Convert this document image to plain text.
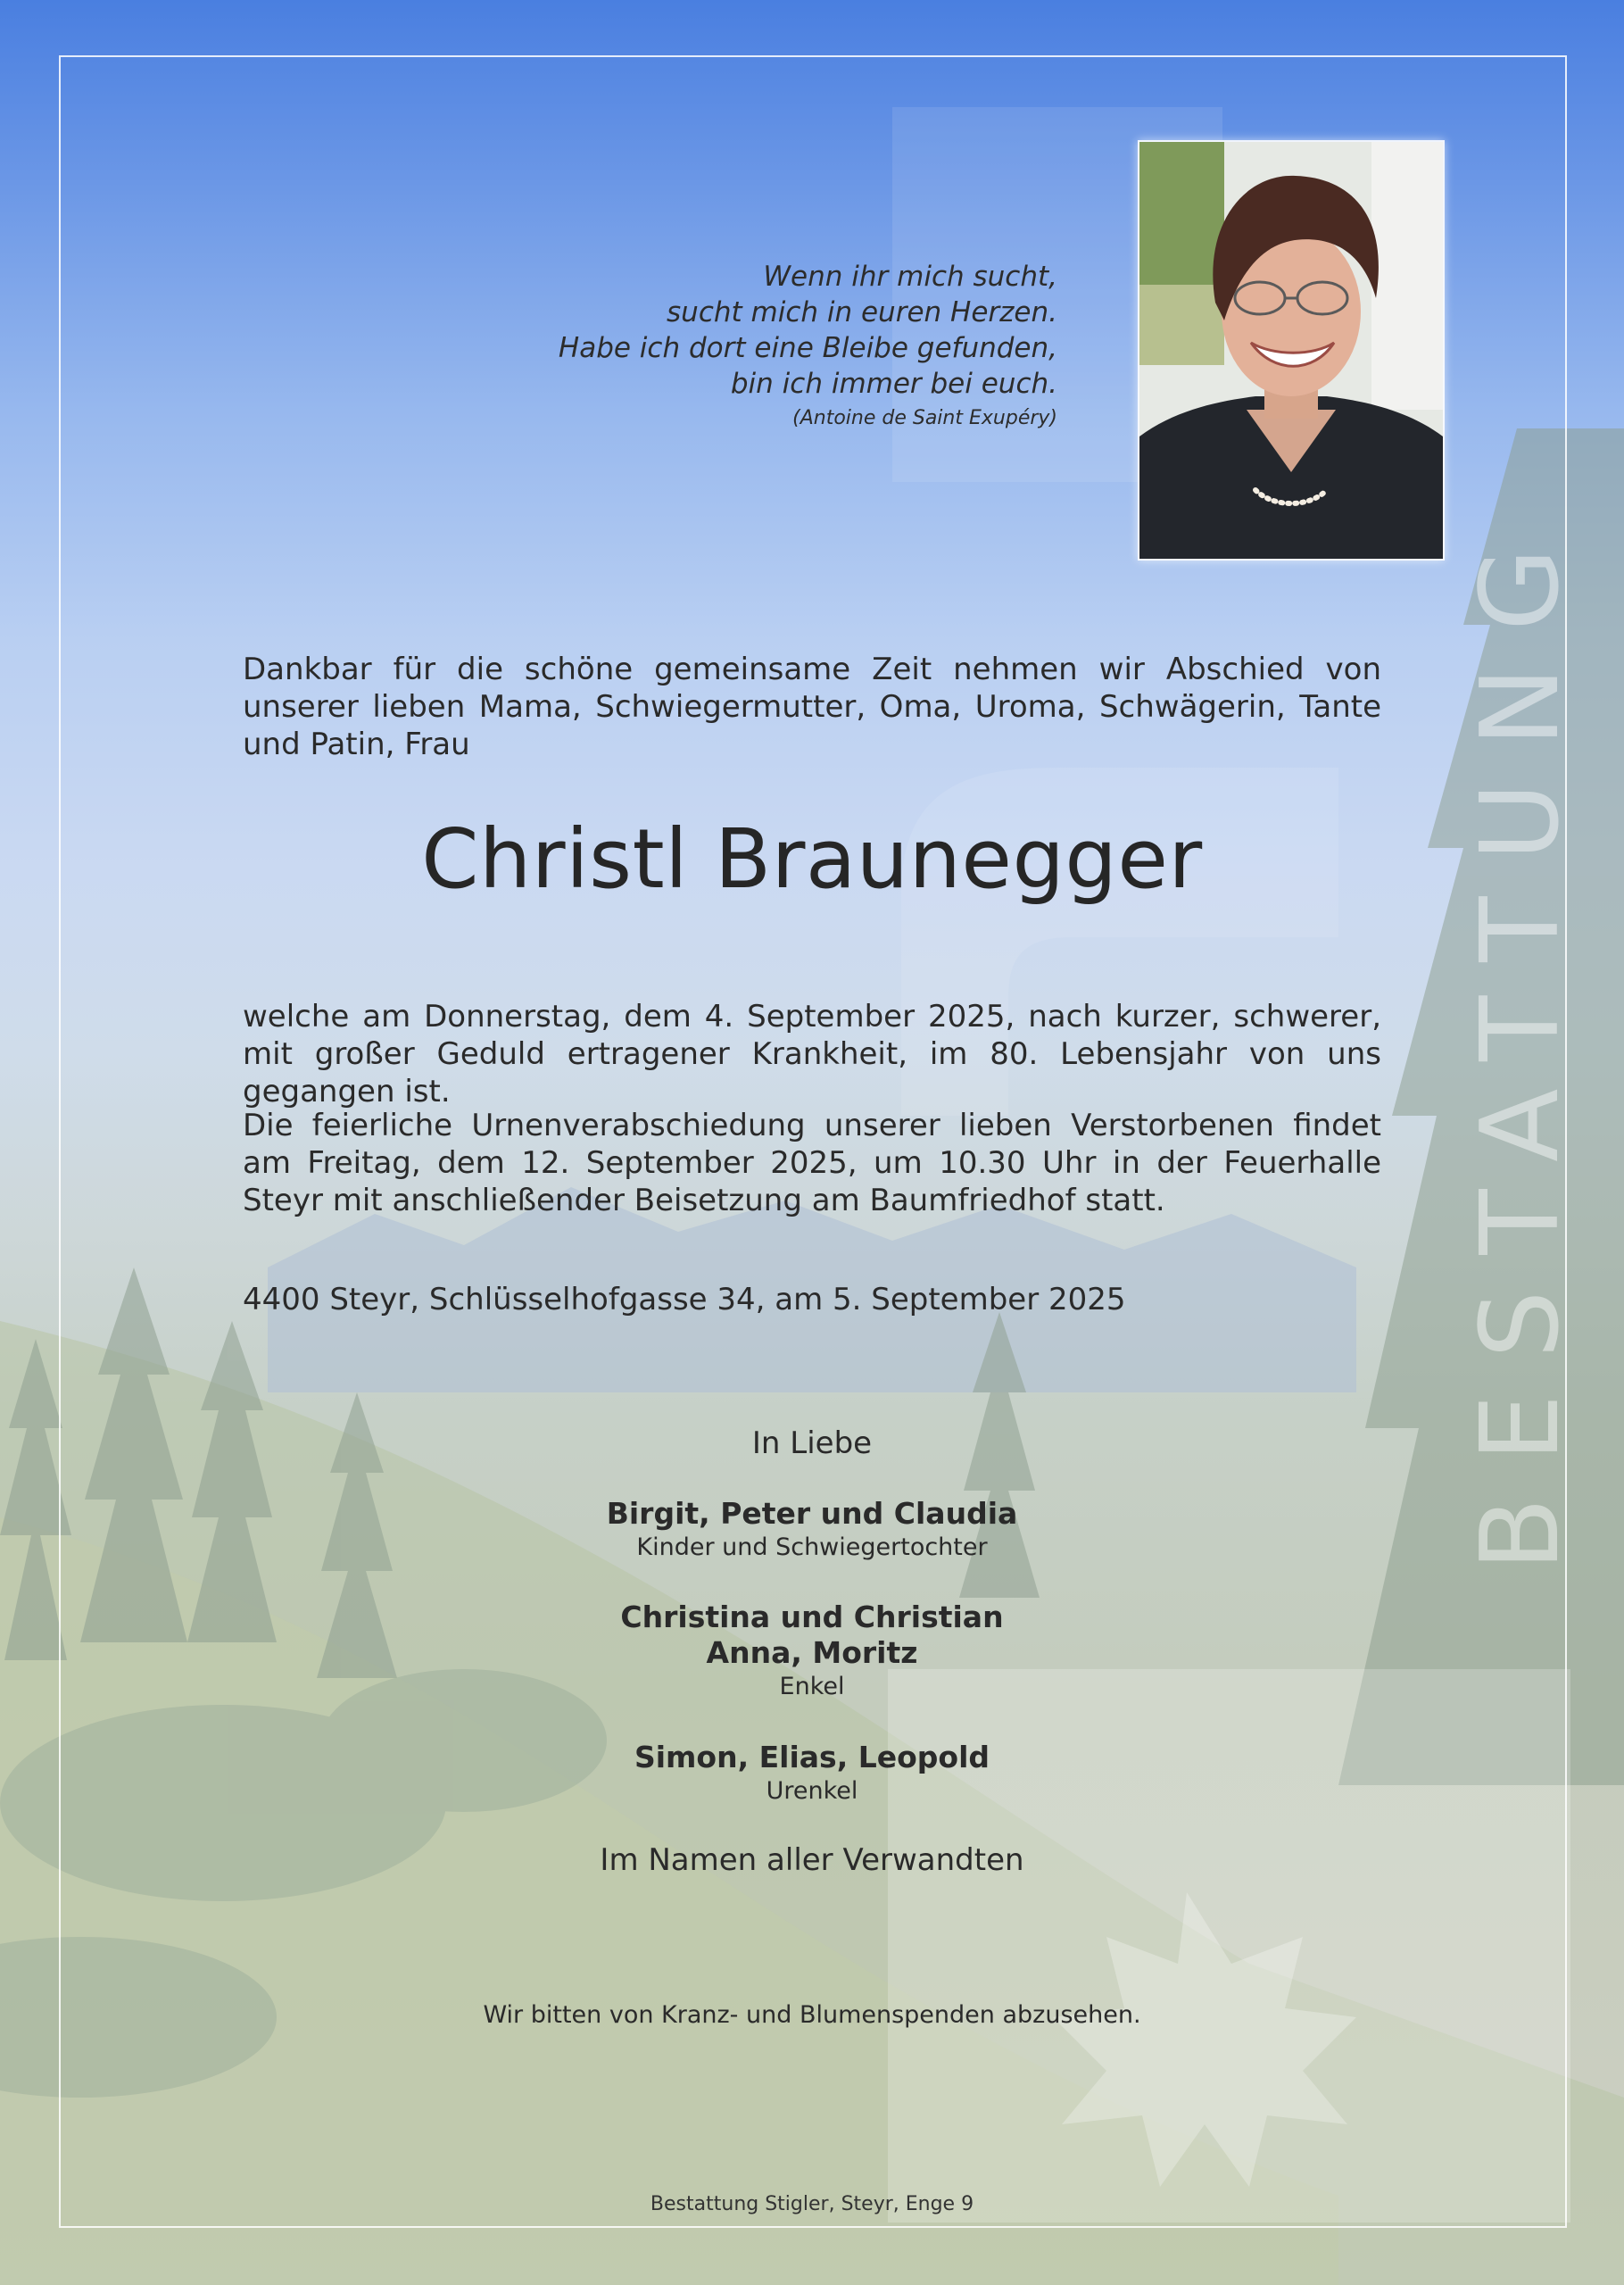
BESTATTUNG
Wenn ihr mich sucht,
sucht mich in euren Herzen.
Habe ich dort eine Bleibe gefunden,
bin ich immer bei euch.
(Antoine de Saint Exupéry)
Dankbar für die schöne gemeinsame Zeit nehmen wir Abschied von unserer lieben Mama, Schwiegermutter, Oma, Uroma, Schwägerin, Tante und Patin, Frau
Christl Braunegger
welche am Donnerstag, dem 4. September 2025, nach kurzer, schwerer, mit großer Geduld ertragener Krankheit, im 80. Lebensjahr von uns gegangen ist.
Die feierliche Urnenverabschiedung unserer lieben Verstorbenen findet am Freitag, dem 12. September 2025, um 10.30 Uhr in der Feuerhalle Steyr mit anschließender Beisetzung am Baumfriedhof statt.
4400 Steyr, Schlüsselhofgasse 34, am 5. September 2025
In Liebe
Birgit, Peter und Claudia
Kinder und Schwiegertochter
Christina und Christian
Anna, Moritz
Enkel
Simon, Elias, Leopold
Urenkel
Im Namen aller Verwandten
Wir bitten von Kranz- und Blumenspenden abzusehen.
Bestattung Stigler, Steyr, Enge 9
